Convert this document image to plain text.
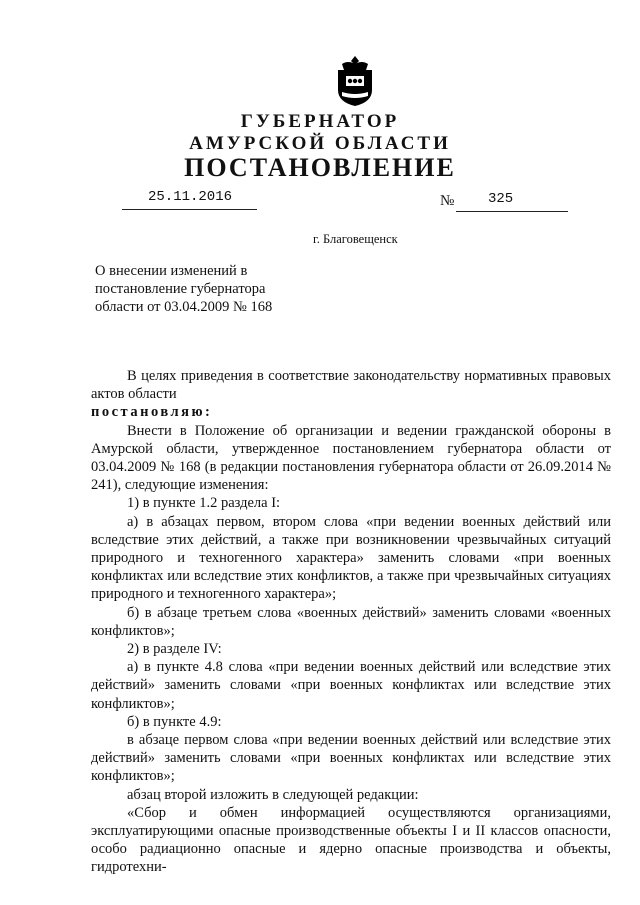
ГУБЕРНАТОР
АМУРСКОЙ ОБЛАСТИ
ПОСТАНОВЛЕНИЕ
25.11.2016	№ 325
г. Благовещенск
О внесении изменений в постановление губернатора области от 03.04.2009 № 168

В целях приведения в соответствие законодательству нормативных правовых актов области

постановляю:

Внести в Положение об организации и ведении гражданской обороны в Амурской области, утвержденное постановлением губернатора области от 03.04.2009 № 168 (в редакции постановления губернатора области от 26.09.2014 № 241), следующие изменения:

1) в пункте 1.2 раздела I:

а) в абзацах первом, втором слова «при ведении военных действий или вследствие этих действий, а также при возникновении чрезвычайных ситуаций природного и техногенного характера» заменить словами «при военных конфликтах или вследствие этих конфликтов, а также при чрезвычайных ситуациях природного и техногенного характера»;

б) в абзаце третьем слова «военных действий» заменить словами «военных конфликтов»;

2) в разделе IV:

а) в пункте 4.8 слова «при ведении военных действий или вследствие этих действий» заменить словами «при военных конфликтах или вследствие этих конфликтов»;

б) в пункте 4.9:

в абзаце первом слова «при ведении военных действий или вследствие этих действий» заменить словами «при военных конфликтах или вследствие этих конфликтов»;

абзац второй изложить в следующей редакции:

«Сбор и обмен информацией осуществляются организациями, эксплуатирующими опасные производственные объекты I и II классов опасности, особо радиационно опасные и ядерно опасные производства и объекты, гидротехни-
